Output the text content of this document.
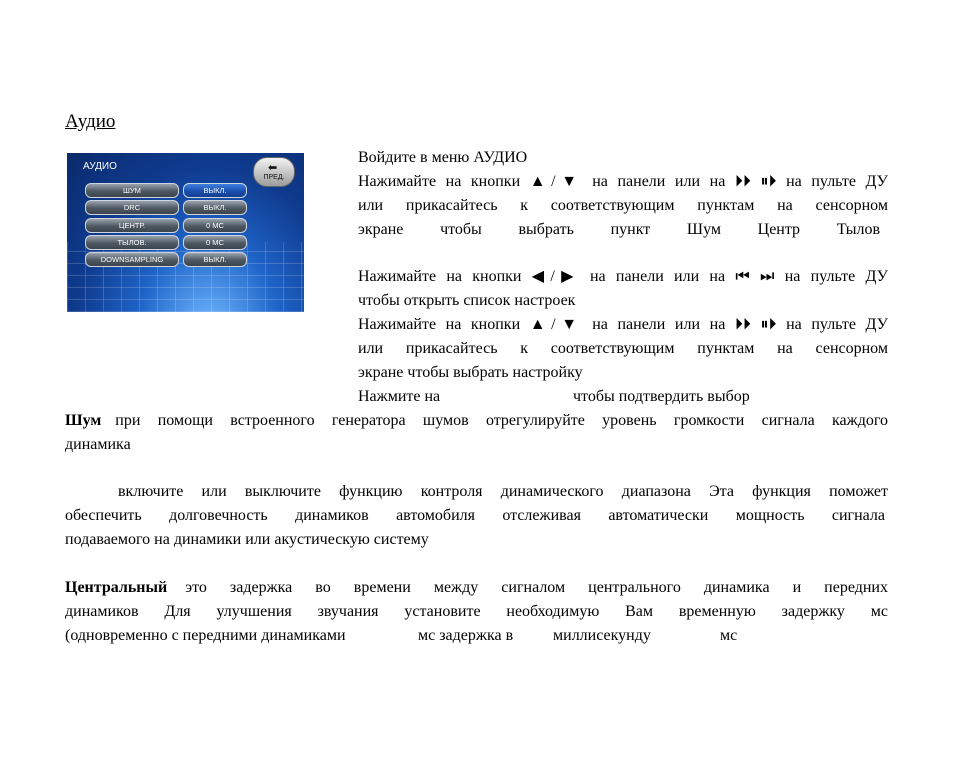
Аудио
АУДИО	⬅
ПРЕД.
ШУМ	ВЫКЛ.
DRC	ВЫКЛ.
ЦЕНТР.	0 MC
ТЫЛОВ.	0 MC
DOWNSAMPLING	ВЫКЛ.
Войдите в меню АУДИО
Нажимайте на кнопки ▲/▼ на панели или на ⏵⏵ ⏸⏵ на пульте ДУ
или прикасайтесь к соответствующим пунктам на сенсорном
экране чтобы выбрать пункт Шум Центр Тылов
Нажимайте на кнопки ◀/▶ на панели или на ⏮ ⏭ на пульте ДУ
чтобы открыть список настроек
Нажимайте на кнопки ▲/▼ на панели или на ⏵⏵ ⏸⏵ на пульте ДУ
или прикасайтесь к соответствующим пунктам на сенсорном
экране чтобы выбрать настройку
Нажмите на	чтобы подтвердить выбор
Шум при помощи встроенного генератора шумов отрегулируйте уровень громкости сигнала каждого
динамика
включите или выключите функцию контроля динамического диапазона Эта функция поможет
обеспечить долговечность динамиков автомобиля отслеживая автоматически мощность сигнала
подаваемого на динамики или акустическую систему
Центральный это задержка во времени между сигналом центрального динамика и передних
динамиков Для улучшения звучания установите необходимую Вам временную задержку мс
(одновременно с передними динамиками	мс задержка в миллисекунду	мс
